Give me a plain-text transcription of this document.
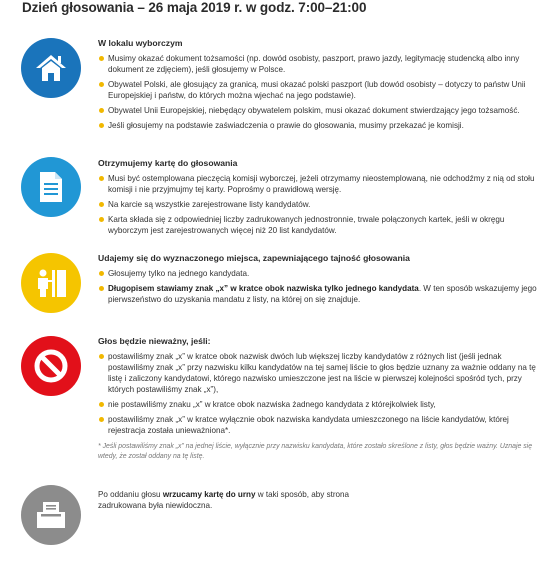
Dzień głosowania – 26 maja 2019 r. w godz. 7:00–21:00
W lokalu wyborczym
Musimy okazać dokument tożsamości (np. dowód osobisty, paszport, prawo jazdy, legitymację studencką albo inny dokument ze zdjęciem), jeśli głosujemy w Polsce.
Obywatel Polski, ale głosujący za granicą, musi okazać polski paszport (lub dowód osobisty – dotyczy to państw Unii Europejskiej i państw, do których można wjechać na jego podstawie).
Obywatel Unii Europejskiej, niebędący obywatelem polskim, musi okazać dokument stwierdzający jego tożsamość.
Jeśli głosujemy na podstawie zaświadczenia o prawie do głosowania, musimy przekazać je komisji.
Otrzymujemy kartę do głosowania
Musi być ostemplowana pieczęcią komisji wyborczej, jeżeli otrzymamy nieostemplowaną, nie odchodźmy z nią od stołu komisji i nie przyjmujmy tej karty. Poprośmy o prawidłową wersję.
Na karcie są wszystkie zarejestrowane listy kandydatów.
Karta składa się z odpowiedniej liczby zadrukowanych jednostronnie, trwale połączonych kartek, jeśli w okręgu wyborczym jest zarejestrowanych więcej niż 20 list kandydatów.
Udajemy się do wyznaczonego miejsca, zapewniającego tajność głosowania
Głosujemy tylko na jednego kandydata.
Długopisem stawiamy znak „x” w kratce obok nazwiska tylko jednego kandydata. W ten sposób wskazujemy jego pierwszeństwo do uzyskania mandatu z listy, na której on się znajduje.
Głos będzie nieważny, jeśli:
postawiliśmy znak „x” w kratce obok nazwisk dwóch lub większej liczby kandydatów z różnych list (jeśli jednak postawiliśmy znak „x” przy nazwisku kilku kandydatów na tej samej liście to głos będzie uznany za ważnie oddany na tę listę i zaliczony kandydatowi, którego nazwisko umieszczone jest na liście w pierwszej kolejności spośród tych, przy których postawiliśmy znak „x”),
nie postawiliśmy znaku „x” w kratce obok nazwiska żadnego kandydata z którejkolwiek listy,
postawiliśmy znak „x” w kratce wyłącznie obok nazwiska kandydata umieszczonego na liście kandydatów, której rejestracja została unieważniona*.
* Jeśli postawiliśmy znak „x” na jednej liście, wyłącznie przy nazwisku kandydata, które zostało skreślone z listy, głos będzie ważny. Uznaje się wtedy, że został oddany na tę listę.
Po oddaniu głosu wrzucamy kartę do urny w taki sposób, aby strona zadrukowana była niewidoczna.
